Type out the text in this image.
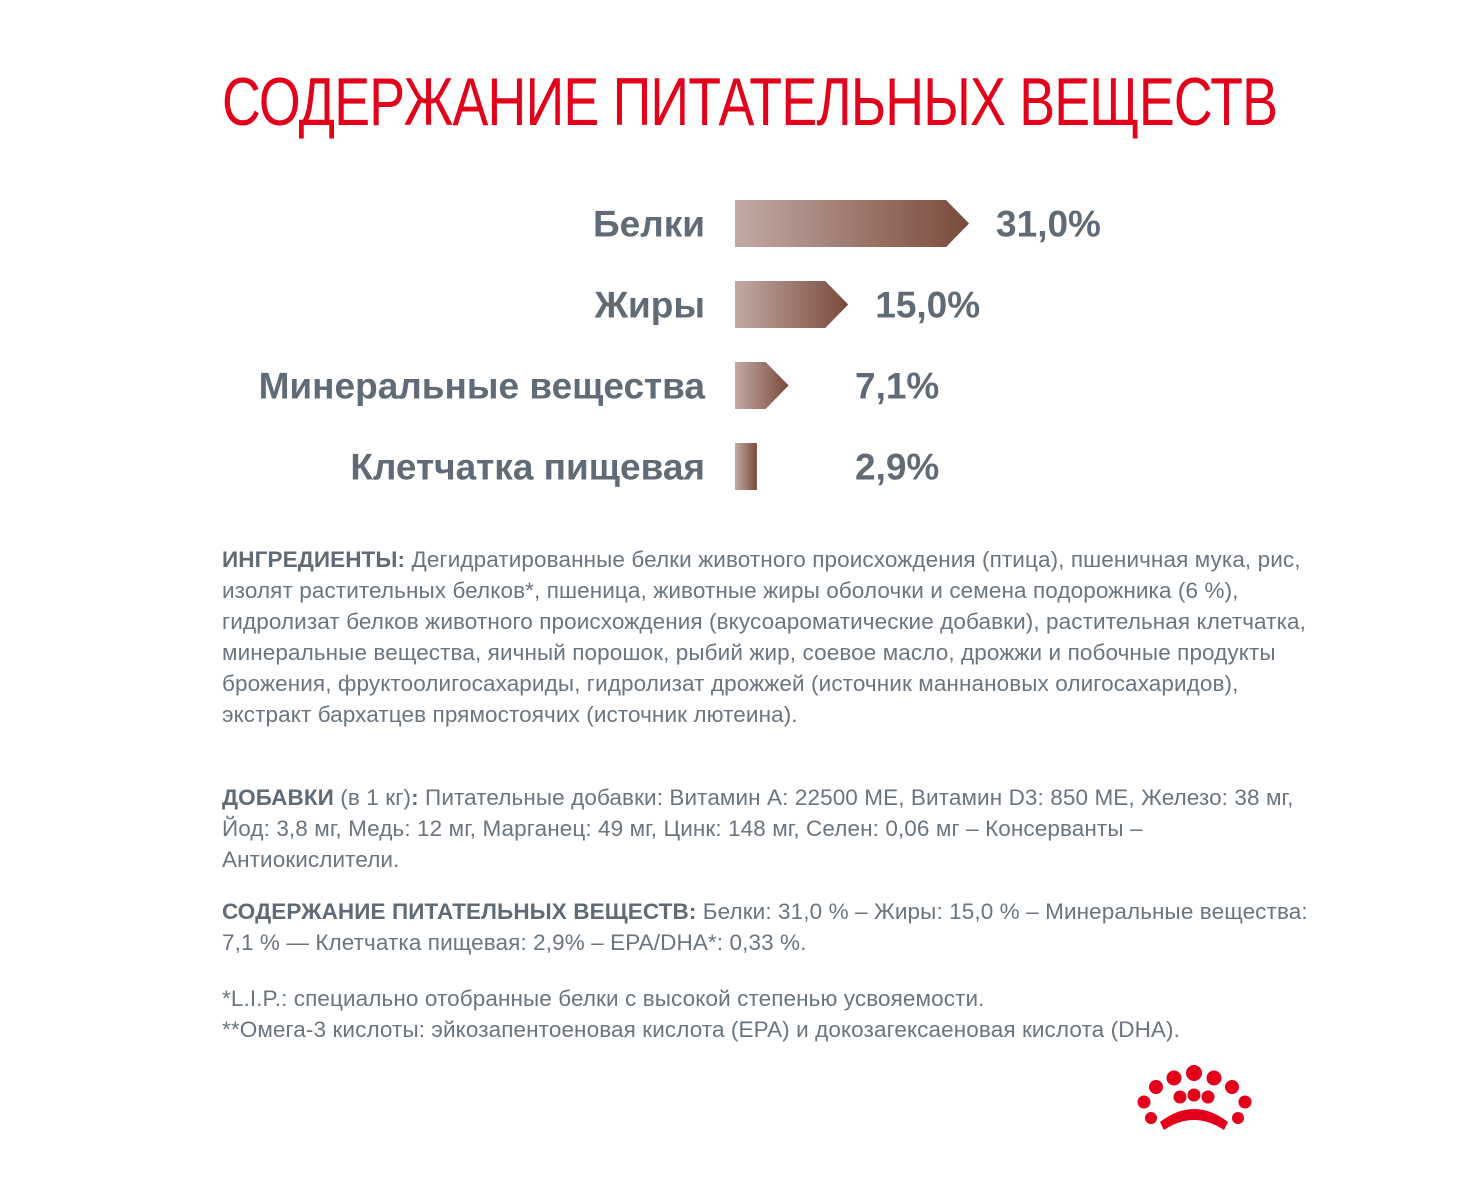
СОДЕРЖАНИЕ ПИТАТЕЛЬНЫХ ВЕЩЕСТВ
Белки	31,0%
Жиры	15,0%
Минеральные вещества	7,1%
Клетчатка пищевая	2,9%
ИНГРЕДИЕНТЫ: Дегидратированные белки животного происхождения (птица), пшеничная мука, рис, изолят растительных белков*, пшеница, животные жиры оболочки и семена подорожника (6 %), гидролизат белков животного происхождения (вкусоароматические добавки), растительная клетчатка, минеральные вещества, яичный порошок, рыбий жир, соевое масло, дрожжи и побочные продукты брожения, фруктоолигосахариды, гидролизат дрожжей (источник маннановых олигосахаридов), экстракт бархатцев прямостоячих (источник лютеина).
ДОБАВКИ (в 1 кг): Питательные добавки: Витамин А: 22500 МЕ, Витамин D3: 850 МЕ, Железо: 38 мг, Йод: 3,8 мг, Медь: 12 мг, Марганец: 49 мг, Цинк: 148 мг, Селен: 0,06 мг – Консерванты – Антиокислители.
СОДЕРЖАНИЕ ПИТАТЕЛЬНЫХ ВЕЩЕСТВ: Белки: 31,0 % – Жиры: 15,0 % – Минеральные вещества: 7,1 % — Клетчатка пищевая: 2,9% – EPA/DHA*: 0,33 %.
*L.I.P.: специально отобранные белки с высокой степенью усвояемости.
**Омега-3 кислоты: эйкозапентоеновая кислота (EPA) и докозагексаеновая кислота (DHA).
